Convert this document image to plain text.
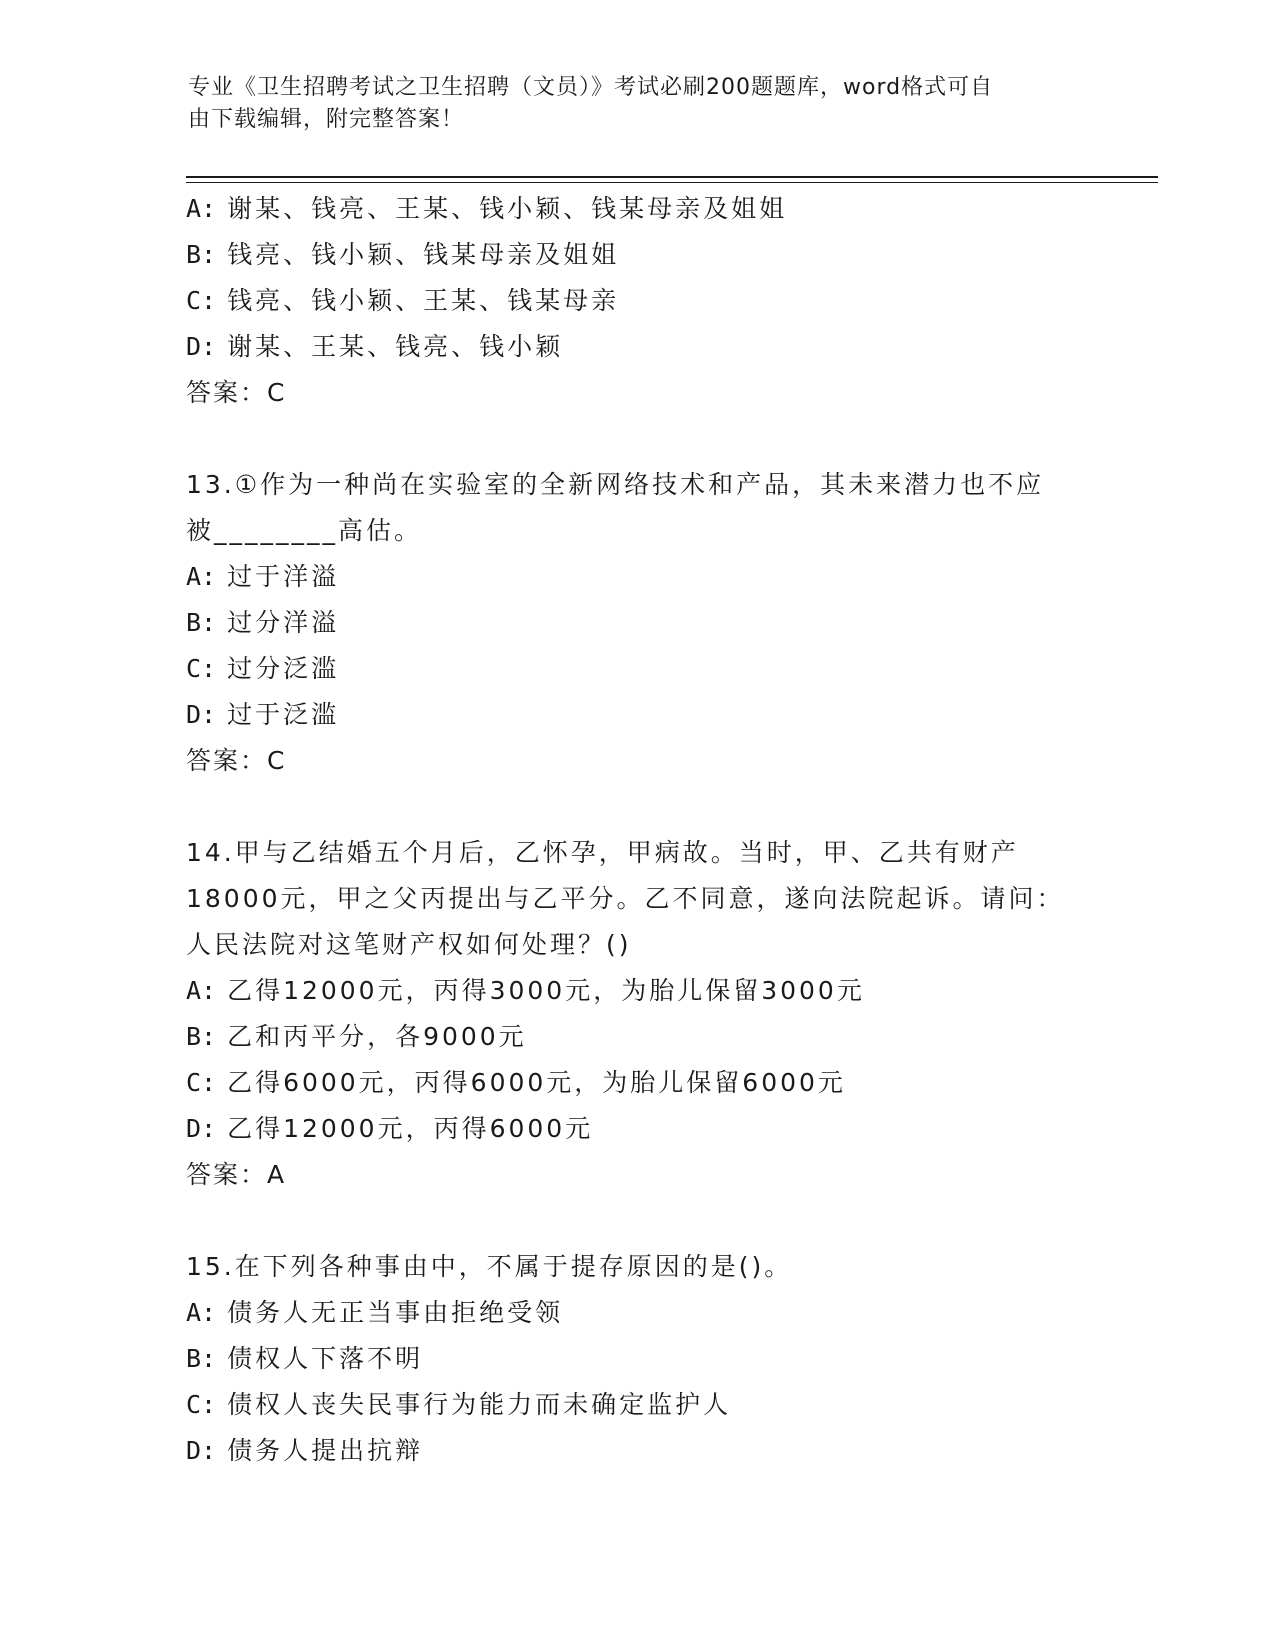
专业《卫生招聘考试之卫生招聘（文员）》考试必刷200题题库，word格式可自
由下载编辑，附完整答案！
A: 谢某、钱亮、王某、钱小颖、钱某母亲及姐姐
B: 钱亮、钱小颖、钱某母亲及姐姐
C: 钱亮、钱小颖、王某、钱某母亲
D: 谢某、王某、钱亮、钱小颖
答案：C
13.①作为一种尚在实验室的全新网络技术和产品，其未来潜力也不应
被________高估。
A: 过于洋溢
B: 过分洋溢
C: 过分泛滥
D: 过于泛滥
答案：C
14.甲与乙结婚五个月后，乙怀孕，甲病故。当时，甲、乙共有财产
18000元，甲之父丙提出与乙平分。乙不同意，遂向法院起诉。请问：
人民法院对这笔财产权如何处理？()
A: 乙得12000元，丙得3000元，为胎儿保留3000元
B: 乙和丙平分，各9000元
C: 乙得6000元，丙得6000元，为胎儿保留6000元
D: 乙得12000元，丙得6000元
答案：A
15.在下列各种事由中，不属于提存原因的是()。
A: 债务人无正当事由拒绝受领
B: 债权人下落不明
C: 债权人丧失民事行为能力而未确定监护人
D: 债务人提出抗辩
